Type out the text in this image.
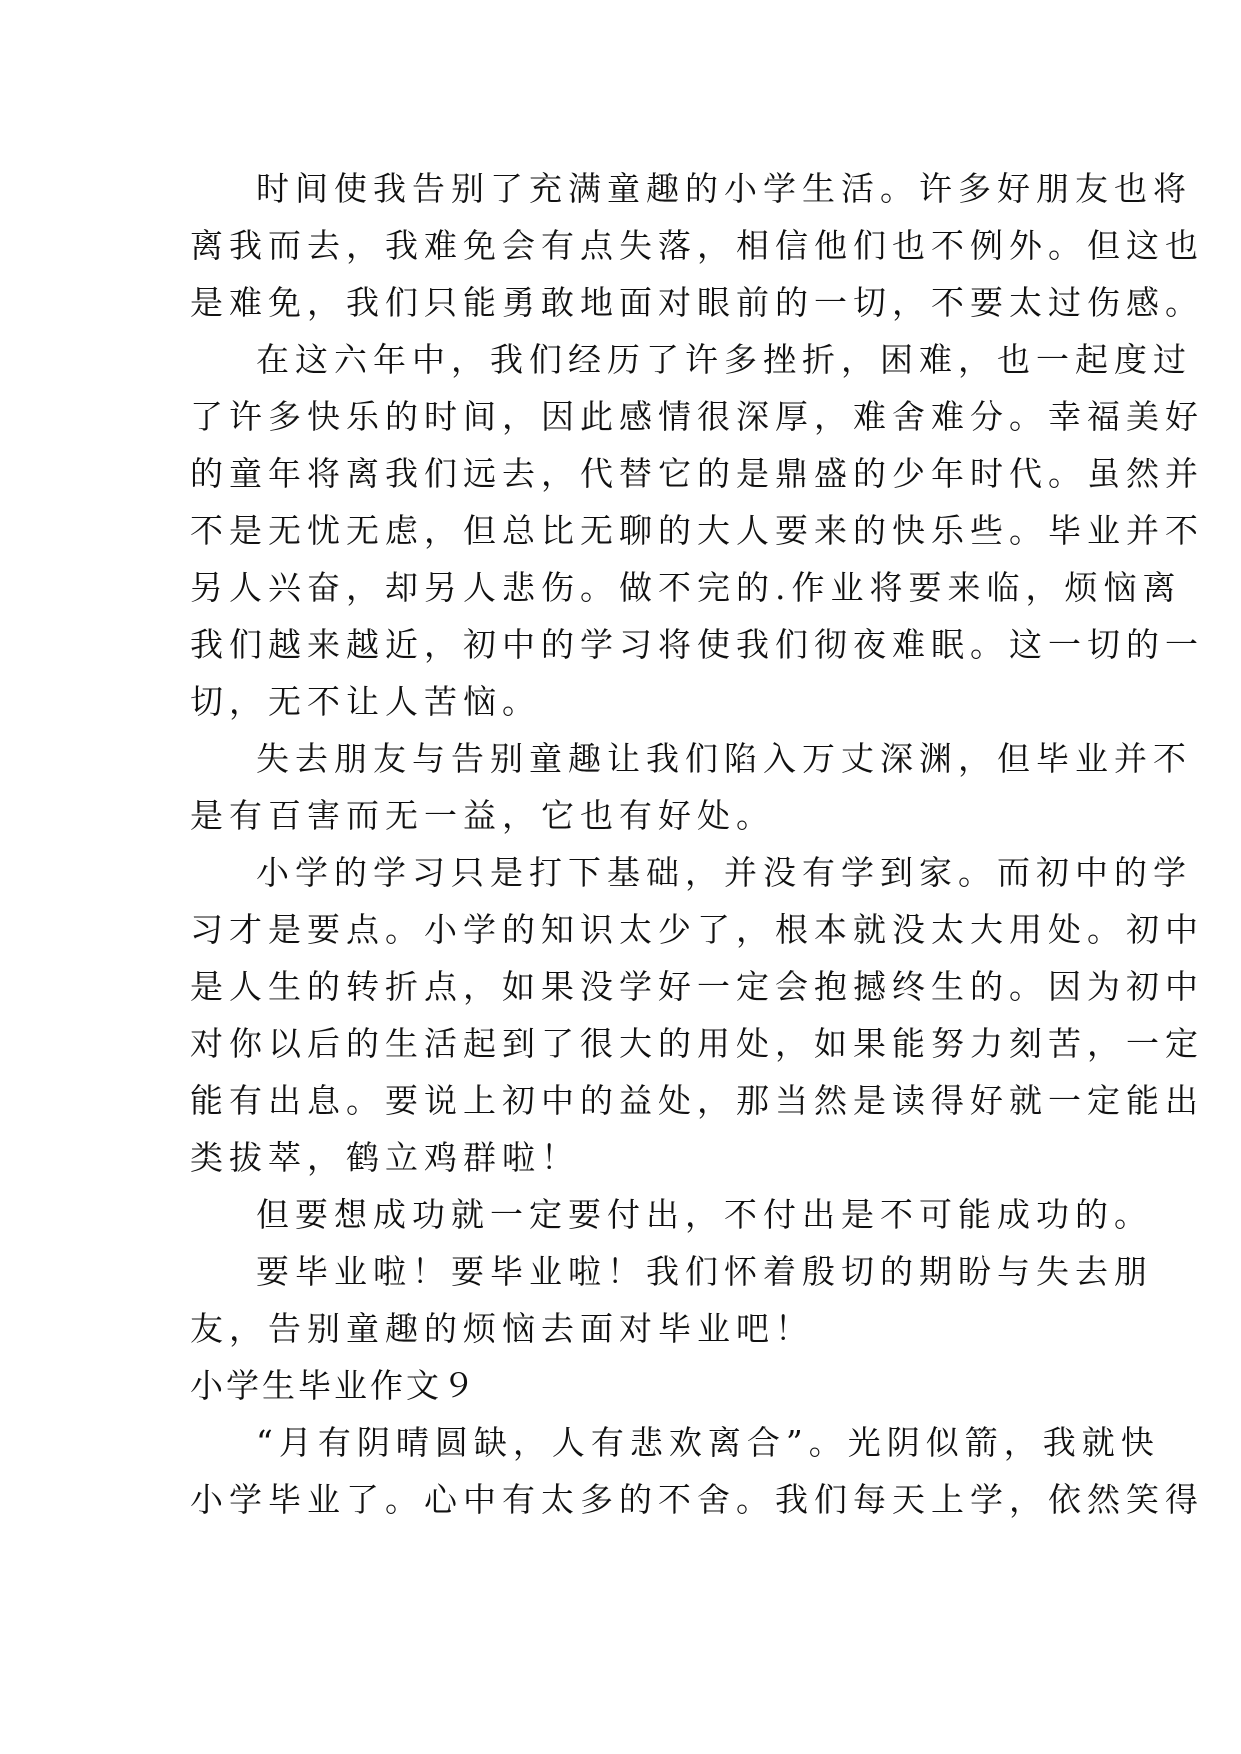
时间使我告别了充满童趣的小学生活。许多好朋友也将

离我而去，我难免会有点失落，相信他们也不例外。但这也

是难免，我们只能勇敢地面对眼前的一切，不要太过伤感。

在这六年中，我们经历了许多挫折，困难，也一起度过

了许多快乐的时间，因此感情很深厚，难舍难分。幸福美好

的童年将离我们远去，代替它的是鼎盛的少年时代。虽然并

不是无忧无虑，但总比无聊的大人要来的快乐些。毕业并不

另人兴奋，却另人悲伤。做不完的.作业将要来临，烦恼离

我们越来越近，初中的学习将使我们彻夜难眠。这一切的一

切，无不让人苦恼。

失去朋友与告别童趣让我们陷入万丈深渊，但毕业并不

是有百害而无一益，它也有好处。

小学的学习只是打下基础，并没有学到家。而初中的学

习才是要点。小学的知识太少了，根本就没太大用处。初中

是人生的转折点，如果没学好一定会抱撼终生的。因为初中

对你以后的生活起到了很大的用处，如果能努力刻苦，一定

能有出息。要说上初中的益处，那当然是读得好就一定能出

类拔萃，鹤立鸡群啦！

但要想成功就一定要付出，不付出是不可能成功的。

要毕业啦！要毕业啦！我们怀着殷切的期盼与失去朋

友，告别童趣的烦恼去面对毕业吧！

小学生毕业作文９

“月有阴晴圆缺，人有悲欢离合”。光阴似箭，我就快

小学毕业了。心中有太多的不舍。我们每天上学，依然笑得
